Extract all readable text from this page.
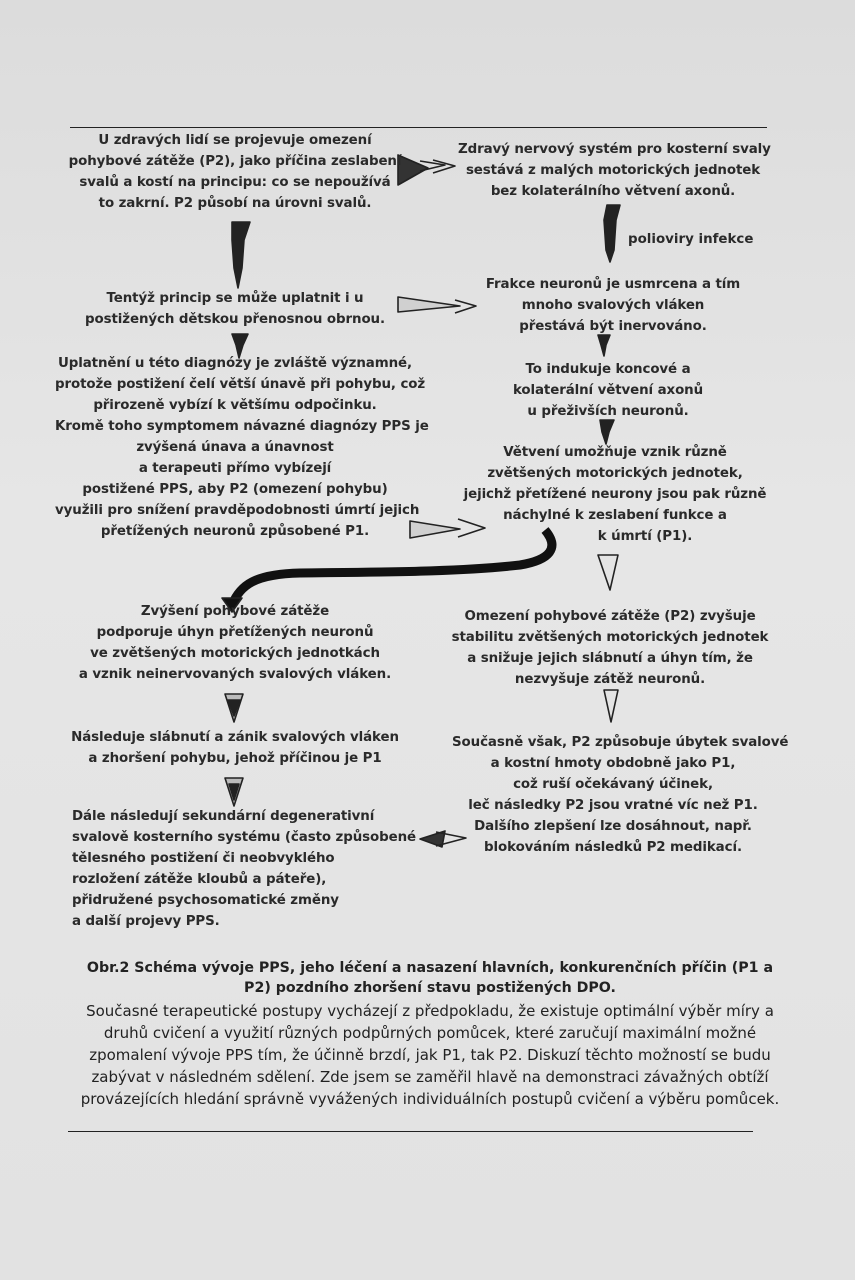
U zdravých lidí se projevuje omezení
pohybové zátěže (P2), jako příčina zeslabení
svalů a kostí na principu: co se nepoužívá
to zakrní. P2 působí na úrovni svalů.
Zdravý nervový systém pro kosterní svaly
sestává z malých motorických jednotek
bez kolaterálního větvení axonů.
polioviry infekce
Tentýž princip se může uplatnit i u
postižených dětskou přenosnou obrnou.
Frakce neuronů je usmrcena a tím
mnoho svalových vláken
přestává být inervováno.
Uplatnění u této diagnózy je zvláště významné,
protože postižení čelí větší únavě při pohybu, což
přirozeně vybízí k většímu odpočinku.
Kromě toho symptomem návazné diagnózy PPS je
zvýšená únava a únavnost
a terapeuti přímo vybízejí
postižené PPS, aby P2 (omezení pohybu)
využili pro snížení pravděpodobnosti úmrtí jejich
přetížených neuronů způsobené P1.
To indukuje koncové a
kolaterální větvení axonů
u přeživších neuronů.
Větvení umožňuje vznik různě
zvětšených motorických jednotek,
jejichž přetížené neurony jsou pak různě
náchylné k zeslabení funkce a
k úmrtí (P1).
Zvýšení pohybové zátěže
podporuje úhyn přetížených neuronů
ve zvětšených motorických jednotkách
a vznik neinervovaných svalových vláken.
Omezení pohybové zátěže (P2) zvyšuje
stabilitu zvětšených motorických jednotek
a snižuje jejich slábnutí a úhyn tím, že
nezvyšuje zátěž neuronů.
Následuje slábnutí a zánik svalových vláken
a zhoršení pohybu, jehož příčinou je P1
Současně však, P2 způsobuje úbytek svalové
a kostní hmoty obdobně jako P1,
což ruší očekávaný účinek,
leč následky P2 jsou vratné víc než P1.
Dalšího zlepšení lze dosáhnout, např.
blokováním následků P2 medikací.
Dále následují sekundární degenerativní
svalově kosterního systému (často způsobené
tělesného postižení či neobvyklého
rozložení zátěže kloubů a páteře),
přidružené psychosomatické změny
a další projevy PPS.
Obr.2 Schéma vývoje PPS, jeho léčení a nasazení hlavních, konkurenčních příčin (P1 a
P2) pozdního zhoršení stavu postižených DPO.
Současné terapeutické postupy vycházejí z předpokladu, že existuje optimální výběr míry a
druhů cvičení a využití různých podpůrných pomůcek, které zaručují maximální možné
zpomalení vývoje PPS tím, že účinně brzdí, jak P1, tak P2. Diskuzí těchto možností se budu
zabývat v následném sdělení. Zde jsem se zaměřil hlavě na demonstraci závažných obtíží
provázejících hledání správně vyvážených individuálních postupů cvičení a výběru pomůcek.
